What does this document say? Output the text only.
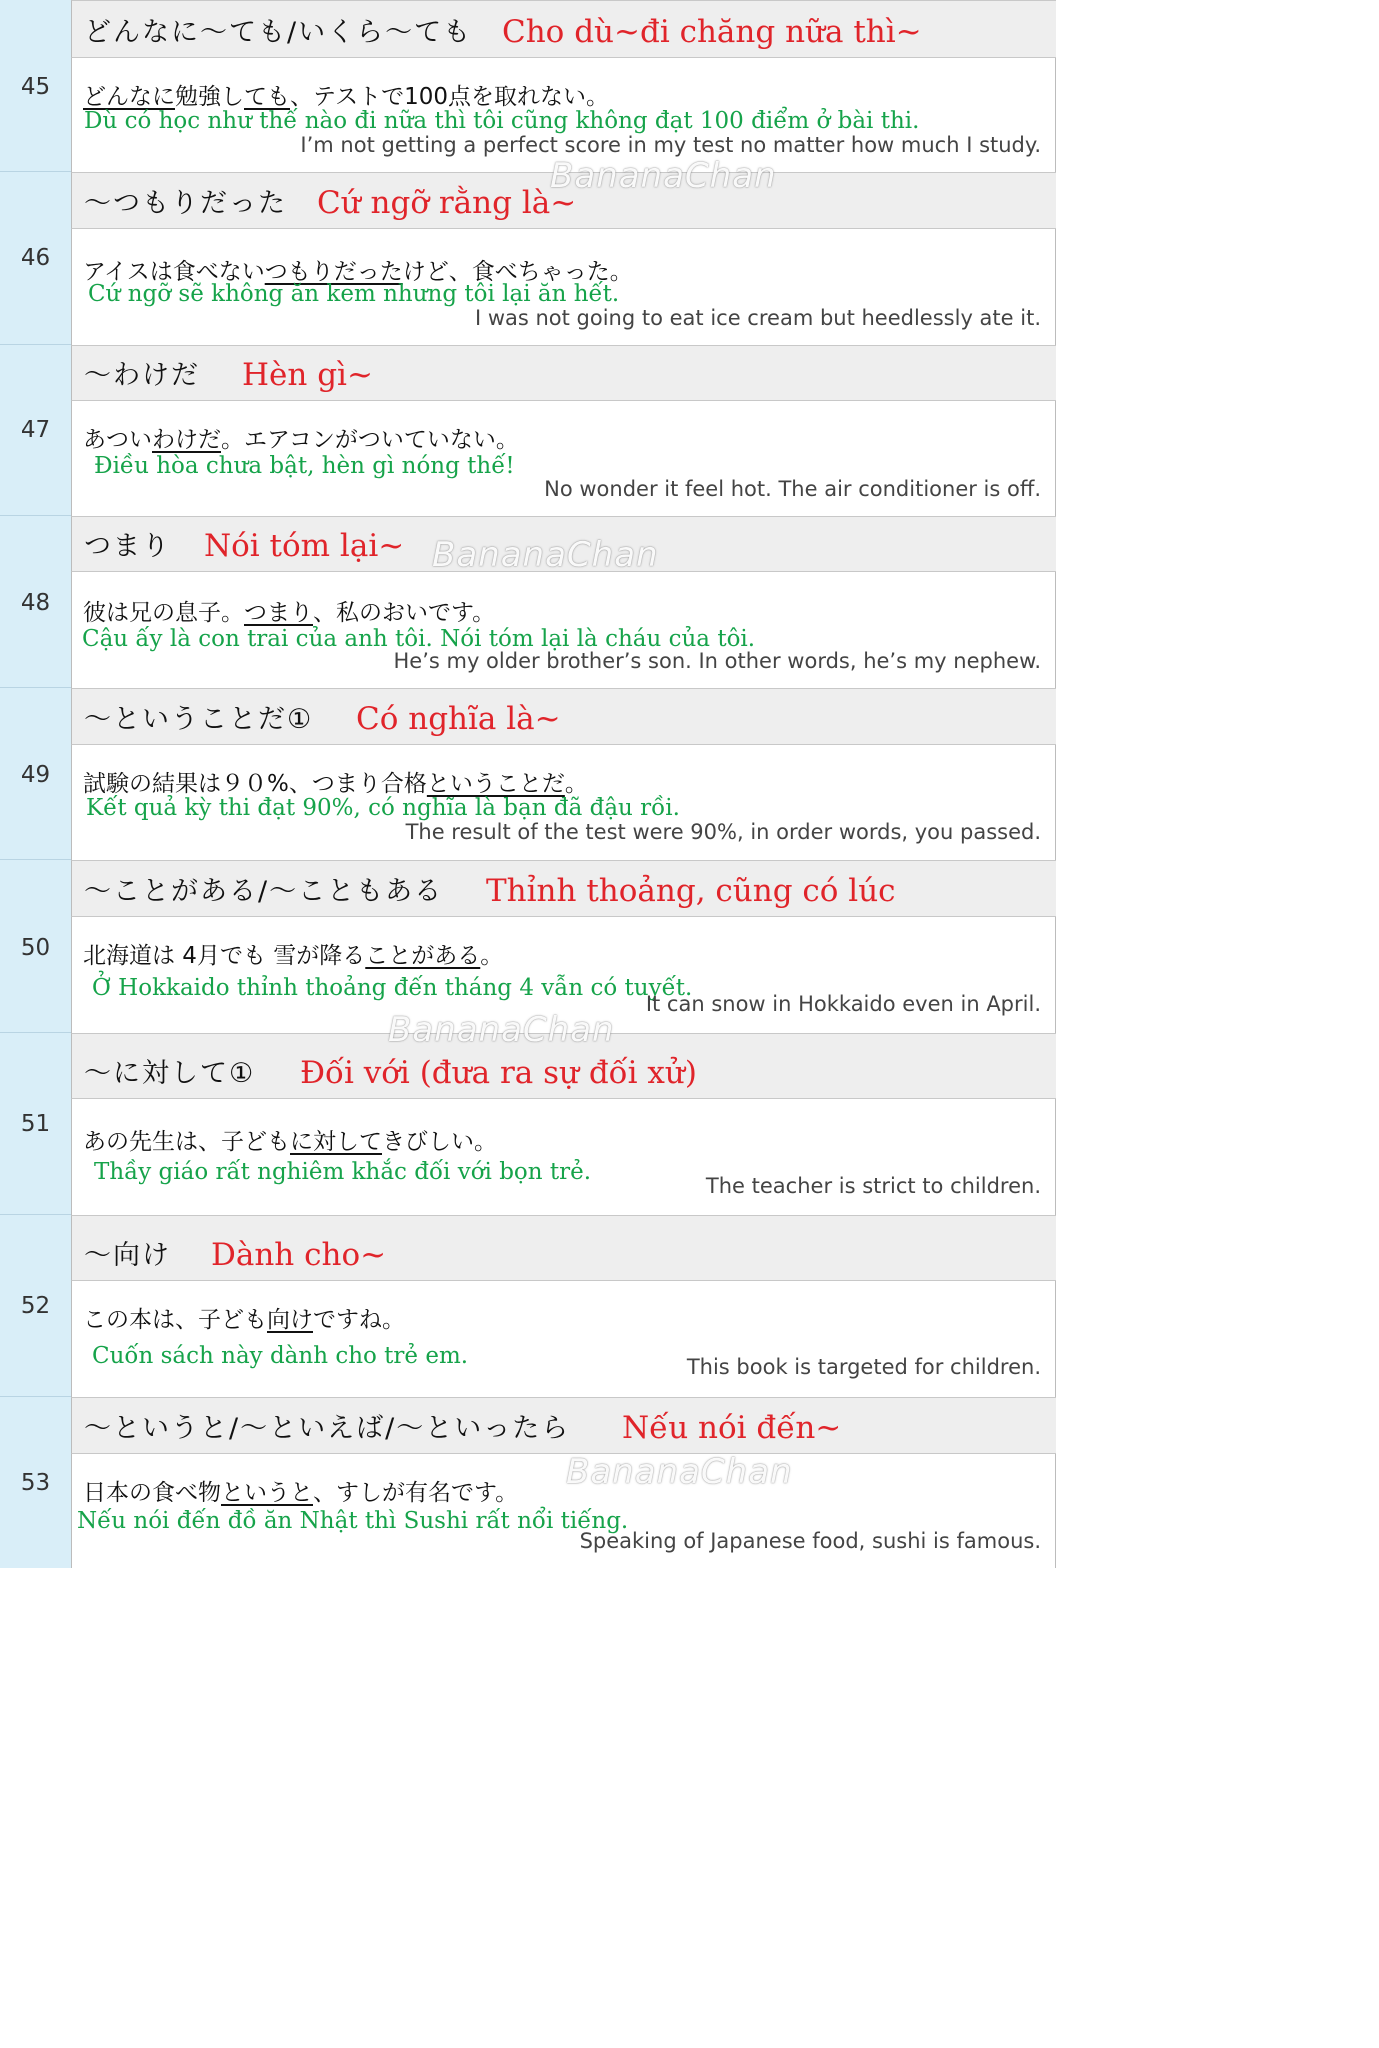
45
どんなに～ても/いくら～ても Cho dù~đi chăng nữa thì~
どんなに勉強しても、テストで100点を取れない。
Dù có học như thế nào đi nữa thì tôi cũng không đạt 100 điểm ở bài thi.
I’m not getting a perfect score in my test no matter how much I study.
46
～つもりだった Cứ ngỡ rằng là~
アイスは食べないつもりだったけど、食べちゃった。
Cứ ngỡ sẽ không ăn kem nhưng tôi lại ăn hết.
I was not going to eat ice cream but heedlessly ate it.
47
～わけだ Hèn gì~
あついわけだ。エアコンがついていない。
Điều hòa chưa bật, hèn gì nóng thế!
No wonder it feel hot. The air conditioner is off.
48
つまり Nói tóm lại~
彼は兄の息子。つまり、私のおいです。
Cậu ấy là con trai của anh tôi. Nói tóm lại là cháu của tôi.
He’s my older brother’s son. In other words, he’s my nephew.
49
～ということだ① Có nghĩa là~
試験の結果は９０%、つまり合格ということだ。
Kết quả kỳ thi đạt 90%, có nghĩa là bạn đã đậu rồi.
The result of the test were 90%, in order words, you passed.
50
～ことがある/～こともある Thỉnh thoảng, cũng có lúc
北海道は 4月でも 雪が降ることがある。
Ở Hokkaido thỉnh thoảng đến tháng 4 vẫn có tuyết.
It can snow in Hokkaido even in April.
51
～に対して① Đối với (đưa ra sự đối xử)
あの先生は、子どもに対してきびしい。
Thầy giáo rất nghiêm khắc đối với bọn trẻ.
The teacher is strict to children.
52
～向け Dành cho~
この本は、子ども向けですね。
Cuốn sách này dành cho trẻ em.	This book is targeted for children.
53
～というと/～といえば/～といったら Nếu nói đến~
日本の食べ物というと、すしが有名です。
Nếu nói đến đồ ăn Nhật thì Sushi rất nổi tiếng.
Speaking of Japanese food, sushi is famous.
BananaChan
BananaChan
BananaChan
BananaChan
